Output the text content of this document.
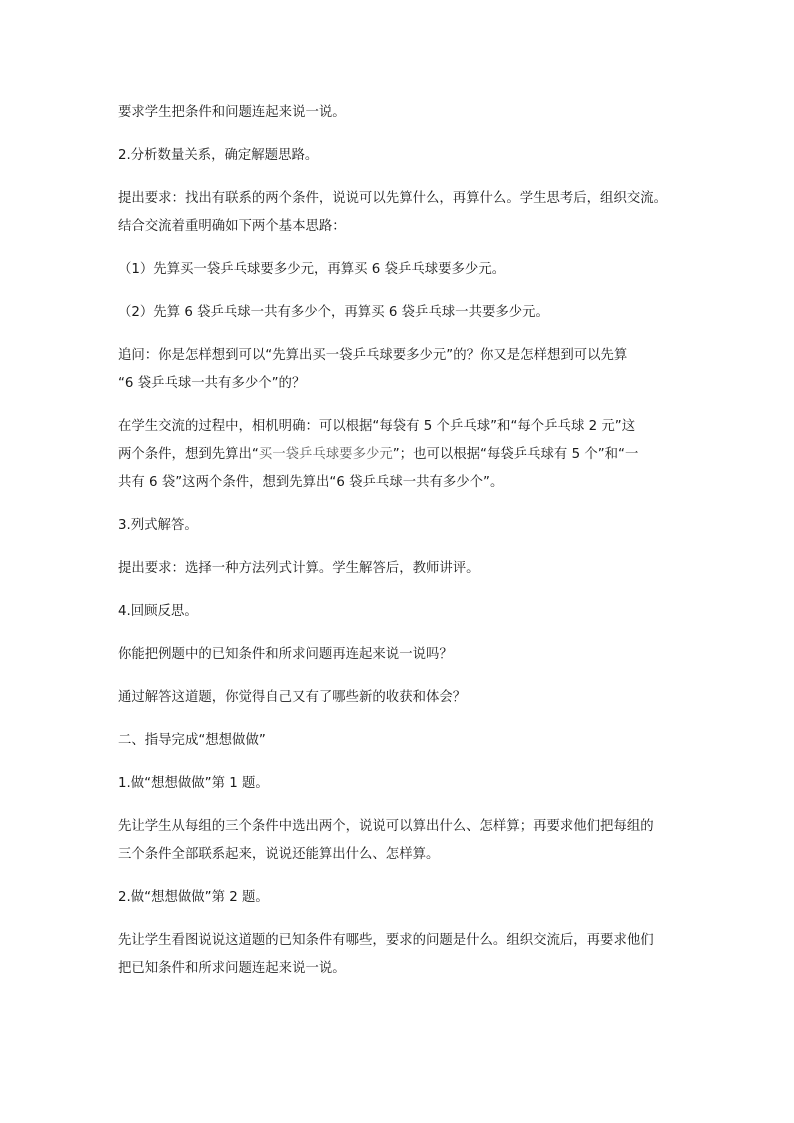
要求学生把条件和问题连起来说一说。

2.分析数量关系，确定解题思路。

提出要求：找出有联系的两个条件，说说可以先算什么，再算什么。学生思考后，组织交流。
结合交流着重明确如下两个基本思路：

（1）先算买一袋乒乓球要多少元，再算买 6 袋乒乓球要多少元。

（2）先算 6 袋乒乓球一共有多少个，再算买 6 袋乒乓球一共要多少元。

追问：你是怎样想到可以“先算出买一袋乒乓球要多少元”的？你又是怎样想到可以先算
“6 袋乒乓球一共有多少个”的？

在学生交流的过程中，相机明确：可以根据“每袋有 5 个乒乓球”和“每个乒乓球 2 元”这
两个条件，想到先算出“买一袋乒乓球要多少元”；也可以根据“每袋乒乓球有 5 个”和“一
共有 6 袋”这两个条件，想到先算出“6 袋乒乓球一共有多少个”。

3.列式解答。

提出要求：选择一种方法列式计算。学生解答后，教师讲评。

4.回顾反思。

你能把例题中的已知条件和所求问题再连起来说一说吗？

通过解答这道题，你觉得自己又有了哪些新的收获和体会？

二、指导完成“想想做做”

1.做“想想做做”第 1 题。

先让学生从每组的三个条件中选出两个，说说可以算出什么、怎样算；再要求他们把每组的
三个条件全部联系起来，说说还能算出什么、怎样算。

2.做“想想做做”第 2 题。

先让学生看图说说这道题的已知条件有哪些，要求的问题是什么。组织交流后，再要求他们
把已知条件和所求问题连起来说一说。
